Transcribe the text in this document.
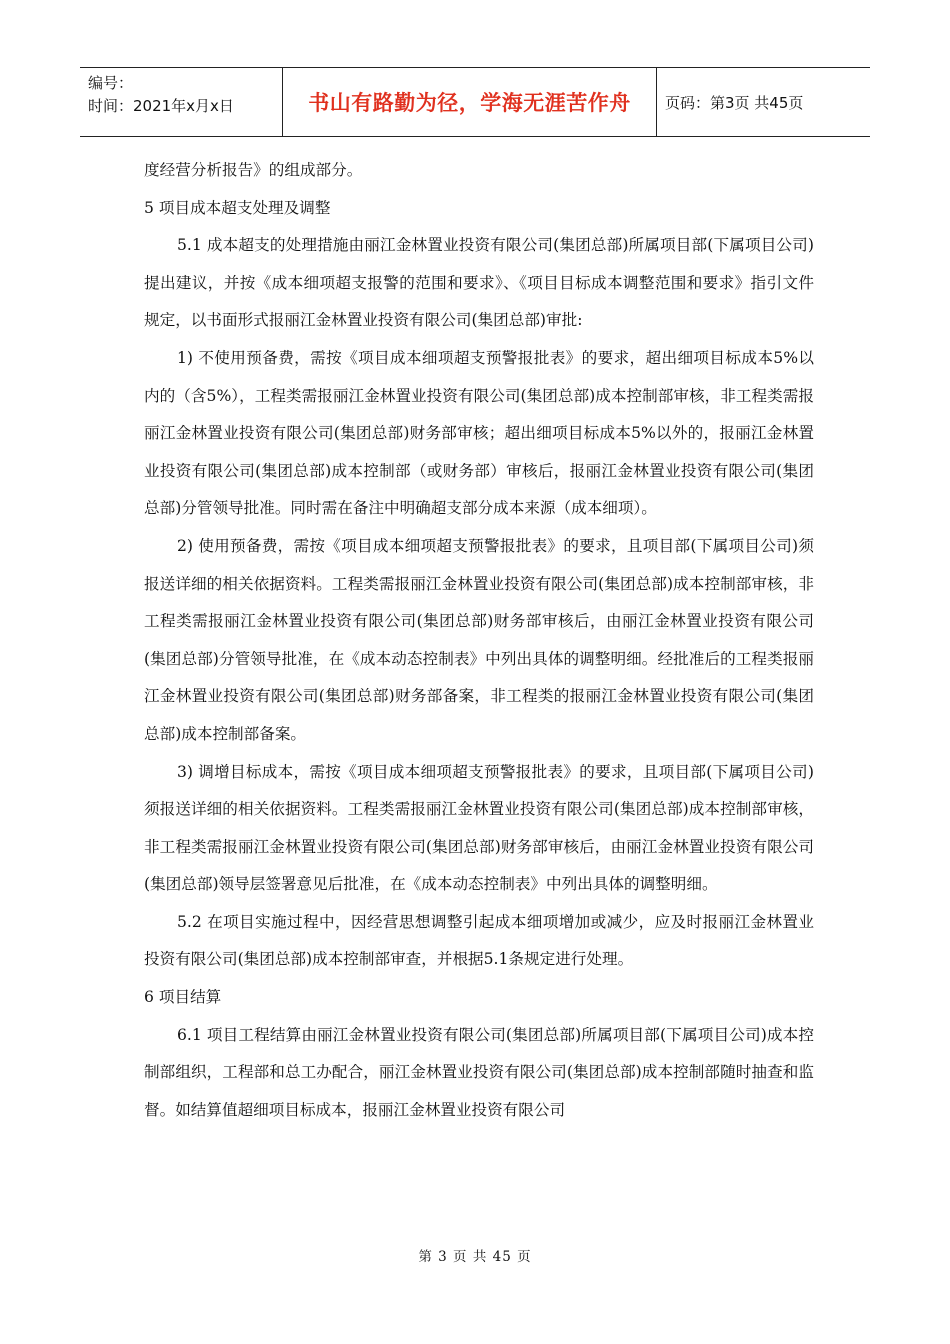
编号：
时间：2021年x月x日	书山有路勤为径，学海无涯苦作舟 页码：第3页 共45页

度经营分析报告》的组成部分。

5 项目成本超支处理及调整

5.1 成本超支的处理措施由丽江金林置业投资有限公司(集团总部)所属项目部(下属项目公司)提出建议，并按《成本细项超支报警的范围和要求》、《项目目标成本调整范围和要求》指引文件规定，以书面形式报丽江金林置业投资有限公司(集团总部)审批:

1) 不使用预备费，需按《项目成本细项超支预警报批表》的要求，超出细项目标成本5%以内的（含5%），工程类需报丽江金林置业投资有限公司(集团总部)成本控制部审核，非工程类需报丽江金林置业投资有限公司(集团总部)财务部审核；超出细项目标成本5%以外的，报丽江金林置业投资有限公司(集团总部)成本控制部（或财务部）审核后，报丽江金林置业投资有限公司(集团总部)分管领导批准。同时需在备注中明确超支部分成本来源（成本细项）。

2) 使用预备费，需按《项目成本细项超支预警报批表》的要求，且项目部(下属项目公司)须报送详细的相关依据资料。工程类需报丽江金林置业投资有限公司(集团总部)成本控制部审核，非工程类需报丽江金林置业投资有限公司(集团总部)财务部审核后，由丽江金林置业投资有限公司(集团总部)分管领导批准，在《成本动态控制表》中列出具体的调整明细。经批准后的工程类报丽江金林置业投资有限公司(集团总部)财务部备案，非工程类的报丽江金林置业投资有限公司(集团总部)成本控制部备案。

3) 调增目标成本，需按《项目成本细项超支预警报批表》的要求，且项目部(下属项目公司)须报送详细的相关依据资料。工程类需报丽江金林置业投资有限公司(集团总部)成本控制部审核，非工程类需报丽江金林置业投资有限公司(集团总部)财务部审核后，由丽江金林置业投资有限公司(集团总部)领导层签署意见后批准，在《成本动态控制表》中列出具体的调整明细。

5.2 在项目实施过程中，因经营思想调整引起成本细项增加或减少，应及时报丽江金林置业投资有限公司(集团总部)成本控制部审查，并根据5.1条规定进行处理。

6 项目结算

6.1 项目工程结算由丽江金林置业投资有限公司(集团总部)所属项目部(下属项目公司)成本控制部组织，工程部和总工办配合，丽江金林置业投资有限公司(集团总部)成本控制部随时抽查和监督。如结算值超细项目标成本，报丽江金林置业投资有限公司

第 3 页 共 45 页
